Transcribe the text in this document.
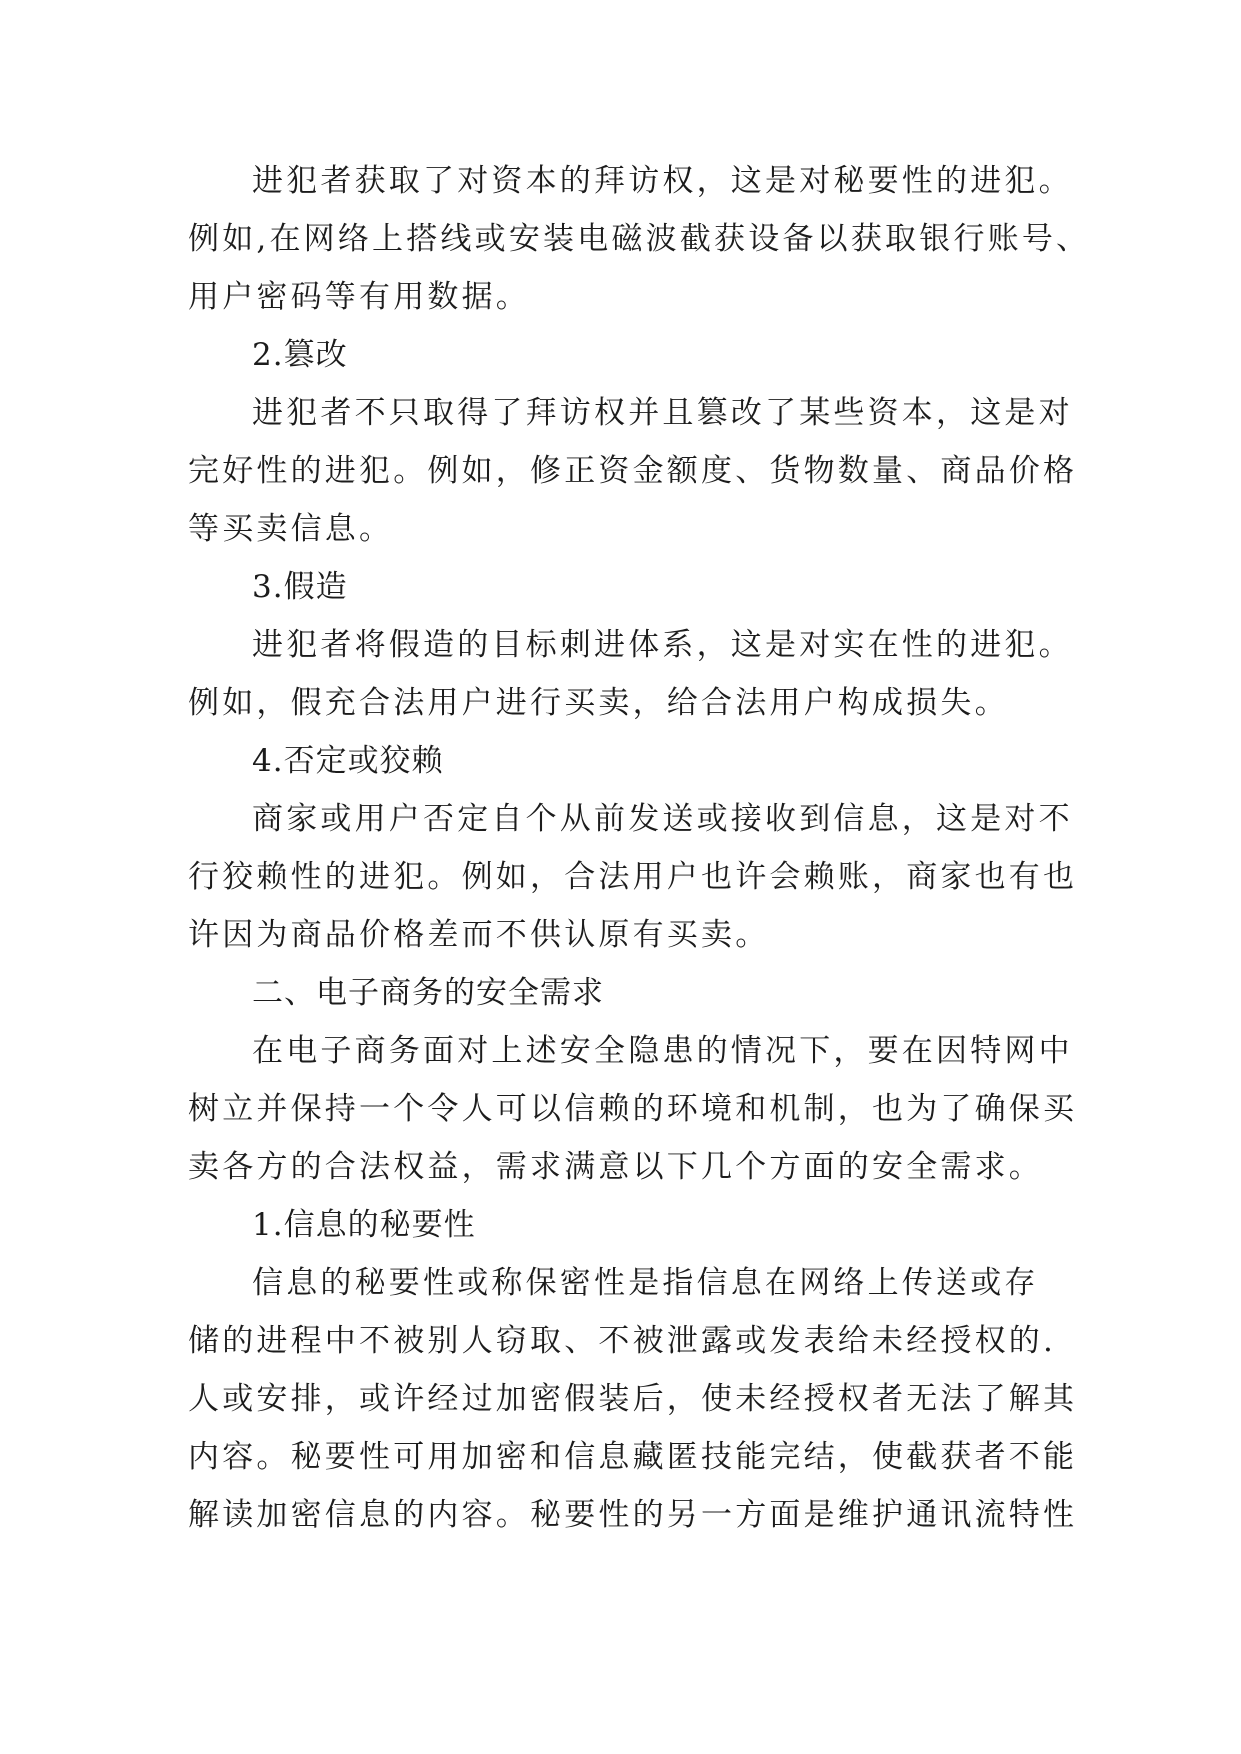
进犯者获取了对资本的拜访权，这是对秘要性的进犯。
例如,在网络上搭线或安装电磁波截获设备以获取银行账号、
用户密码等有用数据。
2.篡改
进犯者不只取得了拜访权并且篡改了某些资本，这是对
完好性的进犯。例如，修正资金额度、货物数量、商品价格
等买卖信息。
3.假造
进犯者将假造的目标刺进体系，这是对实在性的进犯。
例如，假充合法用户进行买卖，给合法用户构成损失。
4.否定或狡赖
商家或用户否定自个从前发送或接收到信息，这是对不
行狡赖性的进犯。例如，合法用户也许会赖账，商家也有也
许因为商品价格差而不供认原有买卖。
二、电子商务的安全需求
在电子商务面对上述安全隐患的情况下，要在因特网中
树立并保持一个令人可以信赖的环境和机制，也为了确保买
卖各方的合法权益，需求满意以下几个方面的安全需求。
1.信息的秘要性
信息的秘要性或称保密性是指信息在网络上传送或存
储的进程中不被别人窃取、不被泄露或发表给未经授权的.
人或安排，或许经过加密假装后，使未经授权者无法了解其
内容。秘要性可用加密和信息藏匿技能完结，使截获者不能
解读加密信息的内容。秘要性的另一方面是维护通讯流特性
